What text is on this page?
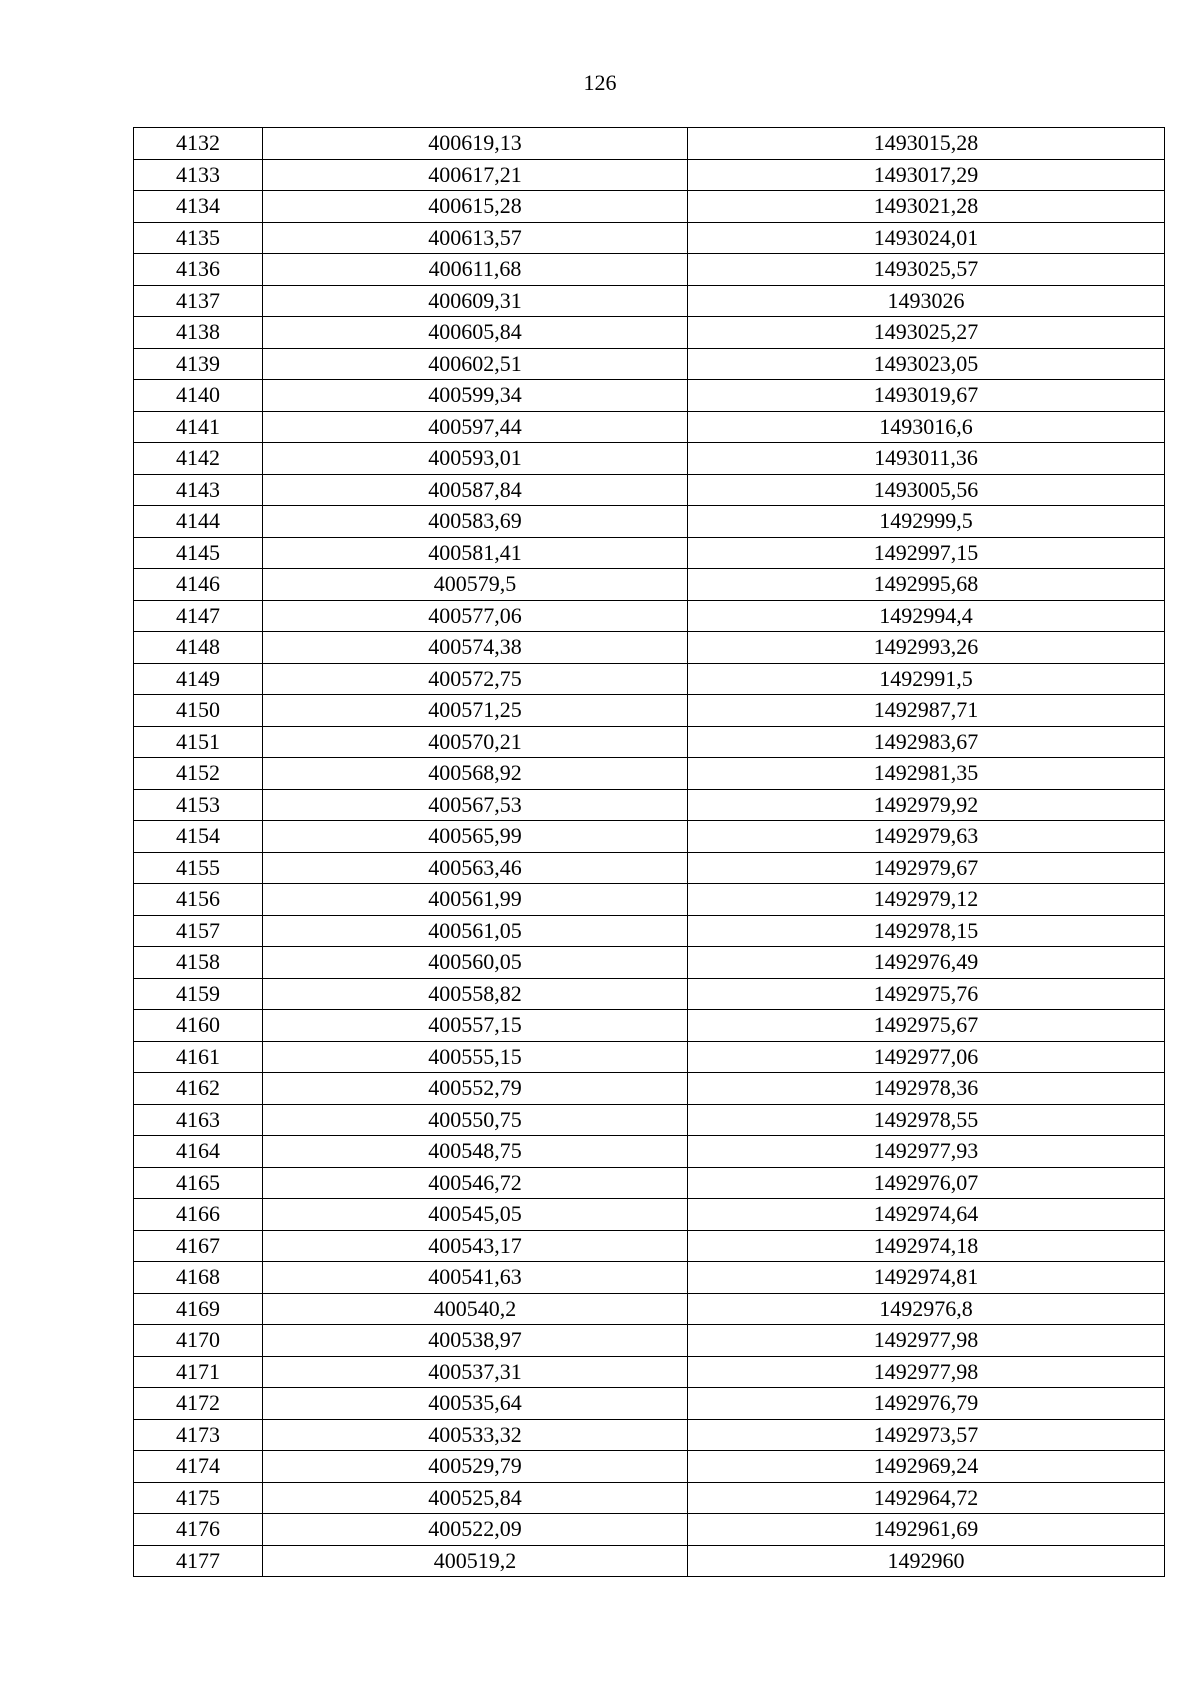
126
4132	400619,13	1493015,28
4133	400617,21	1493017,29
4134	400615,28	1493021,28
4135	400613,57	1493024,01
4136	400611,68	1493025,57
4137	400609,31	1493026
4138	400605,84	1493025,27
4139	400602,51	1493023,05
4140	400599,34	1493019,67
4141	400597,44	1493016,6
4142	400593,01	1493011,36
4143	400587,84	1493005,56
4144	400583,69	1492999,5
4145	400581,41	1492997,15
4146	400579,5	1492995,68
4147	400577,06	1492994,4
4148	400574,38	1492993,26
4149	400572,75	1492991,5
4150	400571,25	1492987,71
4151	400570,21	1492983,67
4152	400568,92	1492981,35
4153	400567,53	1492979,92
4154	400565,99	1492979,63
4155	400563,46	1492979,67
4156	400561,99	1492979,12
4157	400561,05	1492978,15
4158	400560,05	1492976,49
4159	400558,82	1492975,76
4160	400557,15	1492975,67
4161	400555,15	1492977,06
4162	400552,79	1492978,36
4163	400550,75	1492978,55
4164	400548,75	1492977,93
4165	400546,72	1492976,07
4166	400545,05	1492974,64
4167	400543,17	1492974,18
4168	400541,63	1492974,81
4169	400540,2	1492976,8
4170	400538,97	1492977,98
4171	400537,31	1492977,98
4172	400535,64	1492976,79
4173	400533,32	1492973,57
4174	400529,79	1492969,24
4175	400525,84	1492964,72
4176	400522,09	1492961,69
4177	400519,2	1492960
